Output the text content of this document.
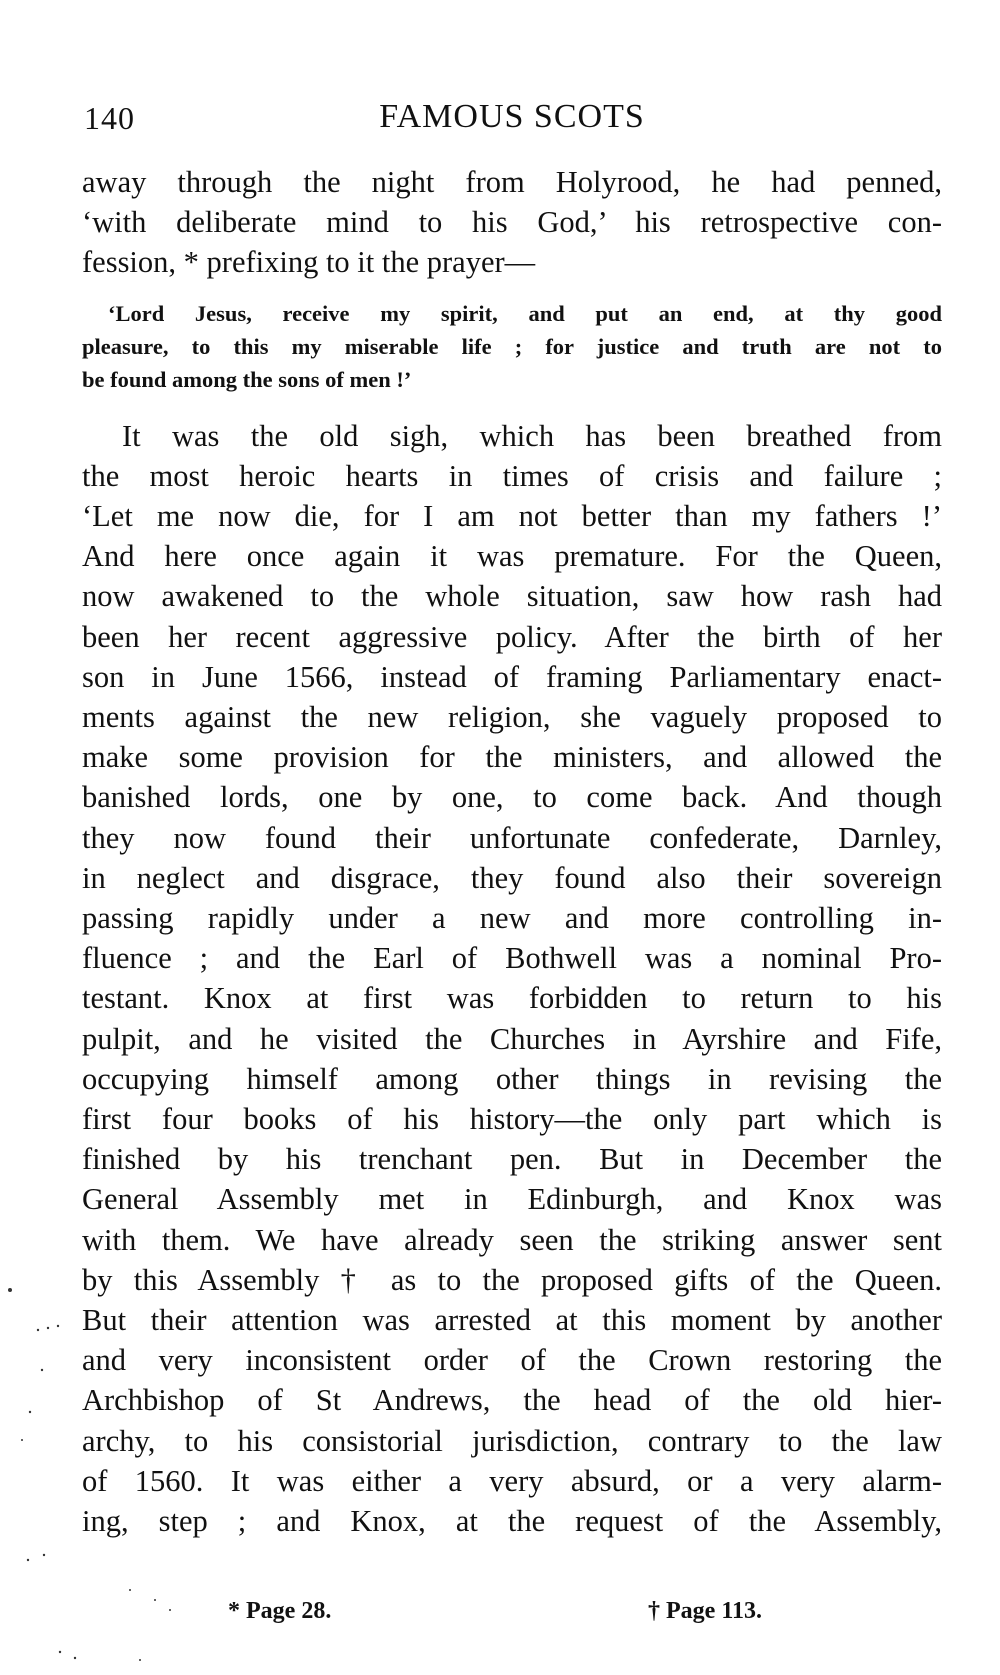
140	FAMOUS SCOTS

away through the night from Holyrood, he had penned,
‘with deliberate mind to his God,’ his retrospective con-
fession, * prefixing to it the prayer—

‘Lord Jesus, receive my spirit, and put an end, at thy good
pleasure, to this my miserable life ; for justice and truth are not to
be found among the sons of men !’

It was the old sigh, which has been breathed from
the most heroic hearts in times of crisis and failure ;
‘Let me now die, for I am not better than my fathers !’
And here once again it was premature. For the Queen,
now awakened to the whole situation, saw how rash had
been her recent aggressive policy. After the birth of her
son in June 1566, instead of framing Parliamentary enact-
ments against the new religion, she vaguely proposed to
make some provision for the ministers, and allowed the
banished lords, one by one, to come back. And though
they now found their unfortunate confederate, Darnley,
in neglect and disgrace, they found also their sovereign
passing rapidly under a new and more controlling in-
fluence ; and the Earl of Bothwell was a nominal Pro-
testant. Knox at first was forbidden to return to his
pulpit, and he visited the Churches in Ayrshire and Fife,
occupying himself among other things in revising the
first four books of his history—the only part which is
finished by his trenchant pen. But in December the
General Assembly met in Edinburgh, and Knox was
with them. We have already seen the striking answer sent
by this Assembly † as to the proposed gifts of the Queen.
But their attention was arrested at this moment by another
and very inconsistent order of the Crown restoring the
Archbishop of St Andrews, the head of the old hier-
archy, to his consistorial jurisdiction, contrary to the law
of 1560. It was either a very absurd, or a very alarm-
ing, step ; and Knox, at the request of the Assembly,

* Page 28.	† Page 113.
